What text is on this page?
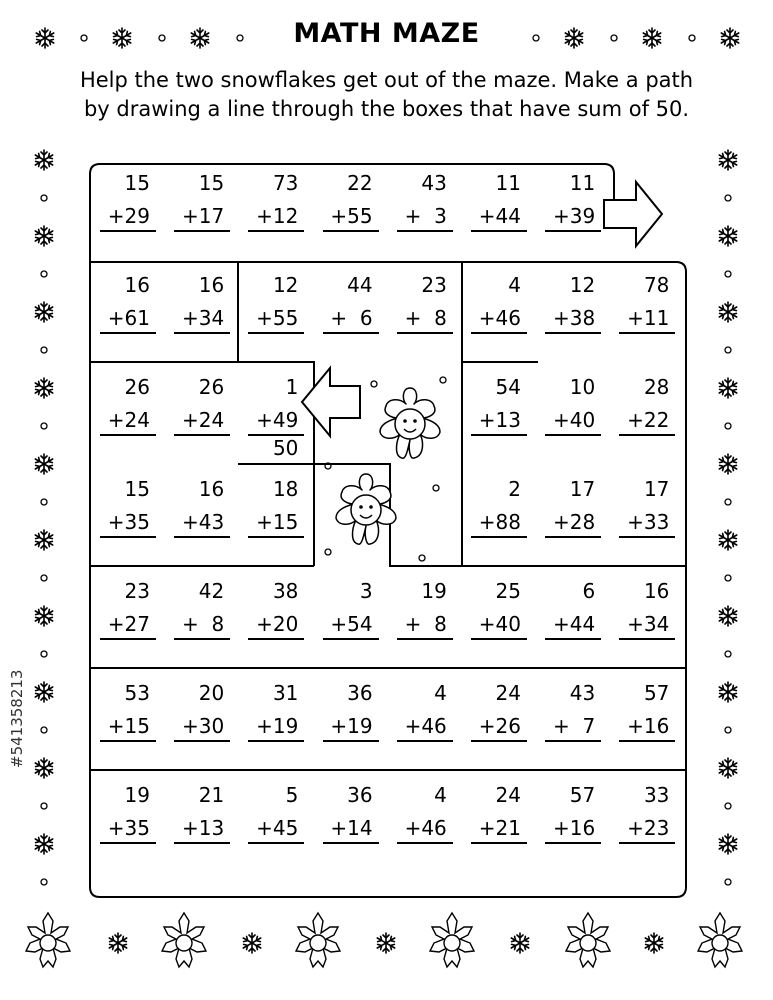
MATH MAZE
Help the two snowflakes get out of the maze. Make a path
by drawing a line through the boxes that have sum of 50.
15
+29
15
+17
73
+12
22
+55
43
+  3
11
+44
11
+39
16
+61
16
+34
12
+55
44
+  6
23
+  8
4
+46
12
+38
78
+11
26
+24
26
+24
1
+49
50
54
+13
10
+40
28
+22
15
+35
16
+43
18
+15
2
+88
17
+28
17
+33
23
+27
42
+  8
38
+20
3
+54
19
+  8
25
+40
6
+44
16
+34
53
+15
20
+30
31
+19
36
+19
4
+46
24
+26
43
+  7
57
+16
19
+35
21
+13
5
+45
36
+14
4
+46
24
+21
57
+16
33
+23
#541358213
